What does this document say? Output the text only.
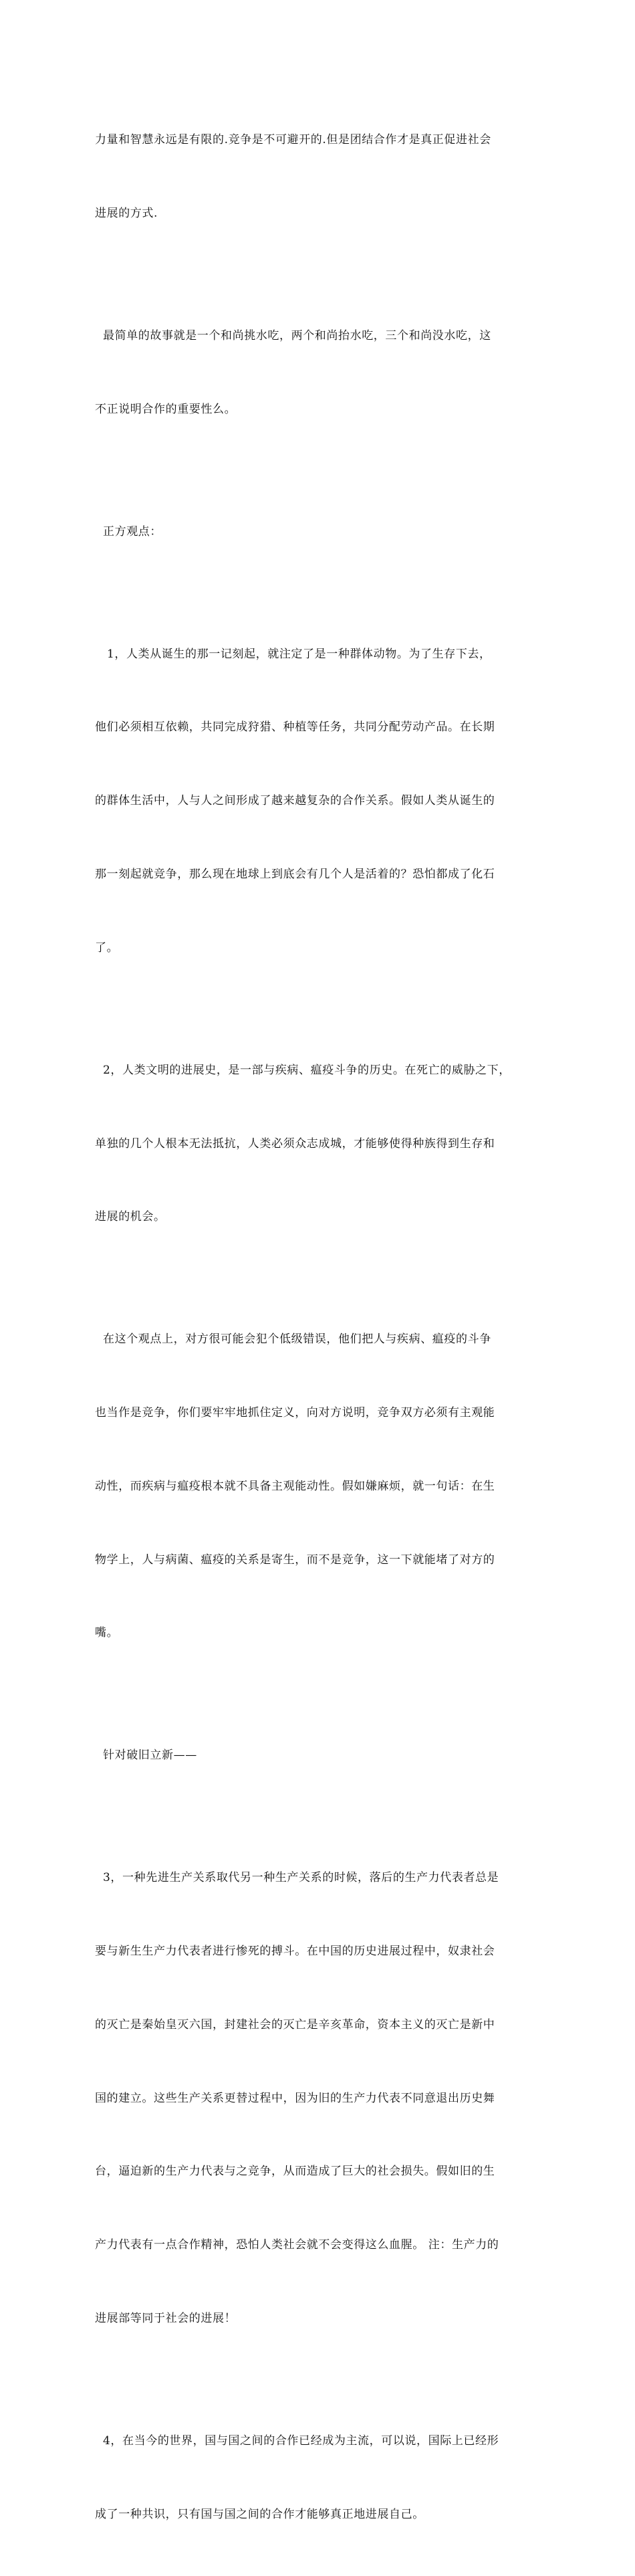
力量和智慧永远是有限的.竞争是不可避开的.但是团结合作才是真正促进社会

进展的方式.

最简单的故事就是一个和尚挑水吃，两个和尚抬水吃，三个和尚没水吃，这

不正说明合作的重要性么。

正方观点：

1，人类从诞生的那一记刻起，就注定了是一种群体动物。为了生存下去，

他们必须相互依赖，共同完成狩猎、种植等任务，共同分配劳动产品。在长期

的群体生活中，人与人之间形成了越来越复杂的合作关系。假如人类从诞生的

那一刻起就竞争，那么现在地球上到底会有几个人是活着的？恐怕都成了化石

了。

2，人类文明的进展史，是一部与疾病、瘟疫斗争的历史。在死亡的威胁之下，

单独的几个人根本无法抵抗，人类必须众志成城，才能够使得种族得到生存和

进展的机会。

在这个观点上，对方很可能会犯个低级错误，他们把人与疾病、瘟疫的斗争

也当作是竞争，你们要牢牢地抓住定义，向对方说明，竞争双方必须有主观能

动性，而疾病与瘟疫根本就不具备主观能动性。假如嫌麻烦，就一句话：在生

物学上，人与病菌、瘟疫的关系是寄生，而不是竞争，这一下就能堵了对方的

嘴。

针对破旧立新——

3，一种先进生产关系取代另一种生产关系的时候，落后的生产力代表者总是

要与新生生产力代表者进行惨死的搏斗。在中国的历史进展过程中，奴隶社会

的灭亡是秦始皇灭六国，封建社会的灭亡是辛亥革命，资本主义的灭亡是新中

国的建立。这些生产关系更替过程中，因为旧的生产力代表不同意退出历史舞

台，逼迫新的生产力代表与之竞争，从而造成了巨大的社会损失。假如旧的生

产力代表有一点合作精神，恐怕人类社会就不会变得这么血腥。 注：生产力的

进展部等同于社会的进展！

4，在当今的世界，国与国之间的合作已经成为主流，可以说，国际上已经形

成了一种共识，只有国与国之间的合作才能够真正地进展自己。
